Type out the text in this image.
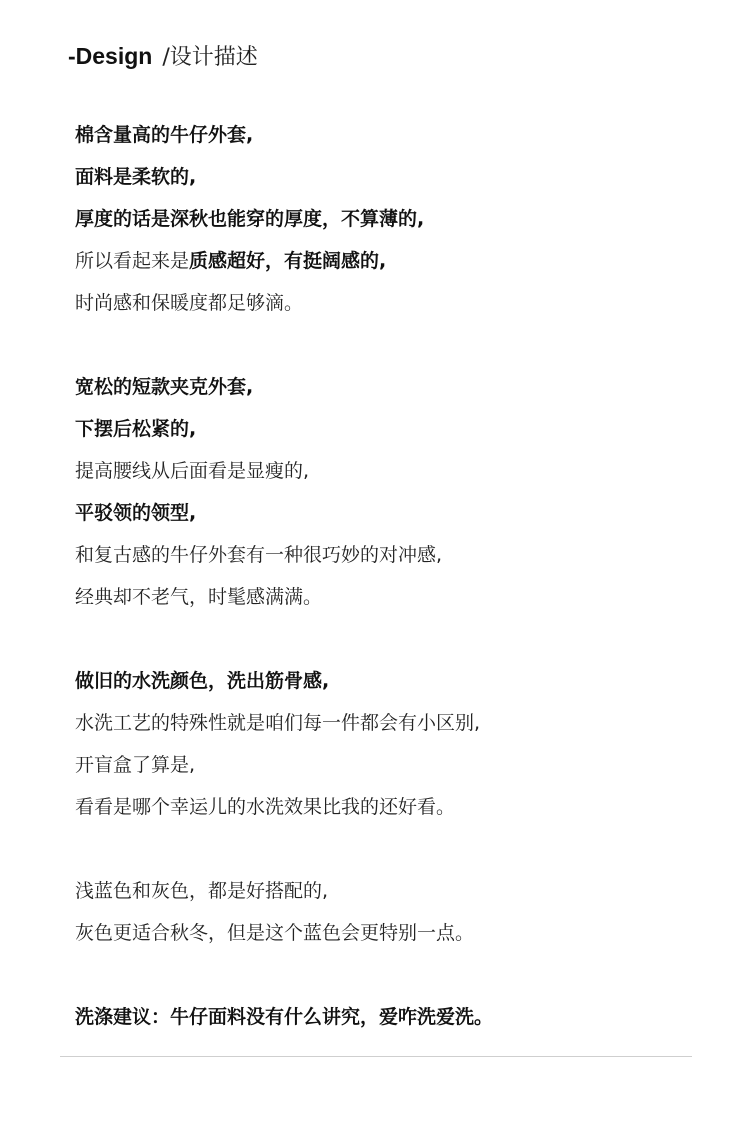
-Design /设计描述
棉含量高的牛仔外套,
面料是柔软的,
厚度的话是深秋也能穿的厚度，不算薄的,
所以看起来是质感超好，有挺阔感的,
时尚感和保暖度都足够滴。
宽松的短款夹克外套,
下摆后松紧的,
提高腰线从后面看是显瘦的,
平驳领的领型,
和复古感的牛仔外套有一种很巧妙的对冲感,
经典却不老气，时髦感满满。
做旧的水洗颜色，洗出筋骨感,
水洗工艺的特殊性就是咱们每一件都会有小区别,
开盲盒了算是,
看看是哪个幸运儿的水洗效果比我的还好看。
浅蓝色和灰色，都是好搭配的,
灰色更适合秋冬，但是这个蓝色会更特别一点。
洗涤建议：牛仔面料没有什么讲究，爱咋洗爱洗。
